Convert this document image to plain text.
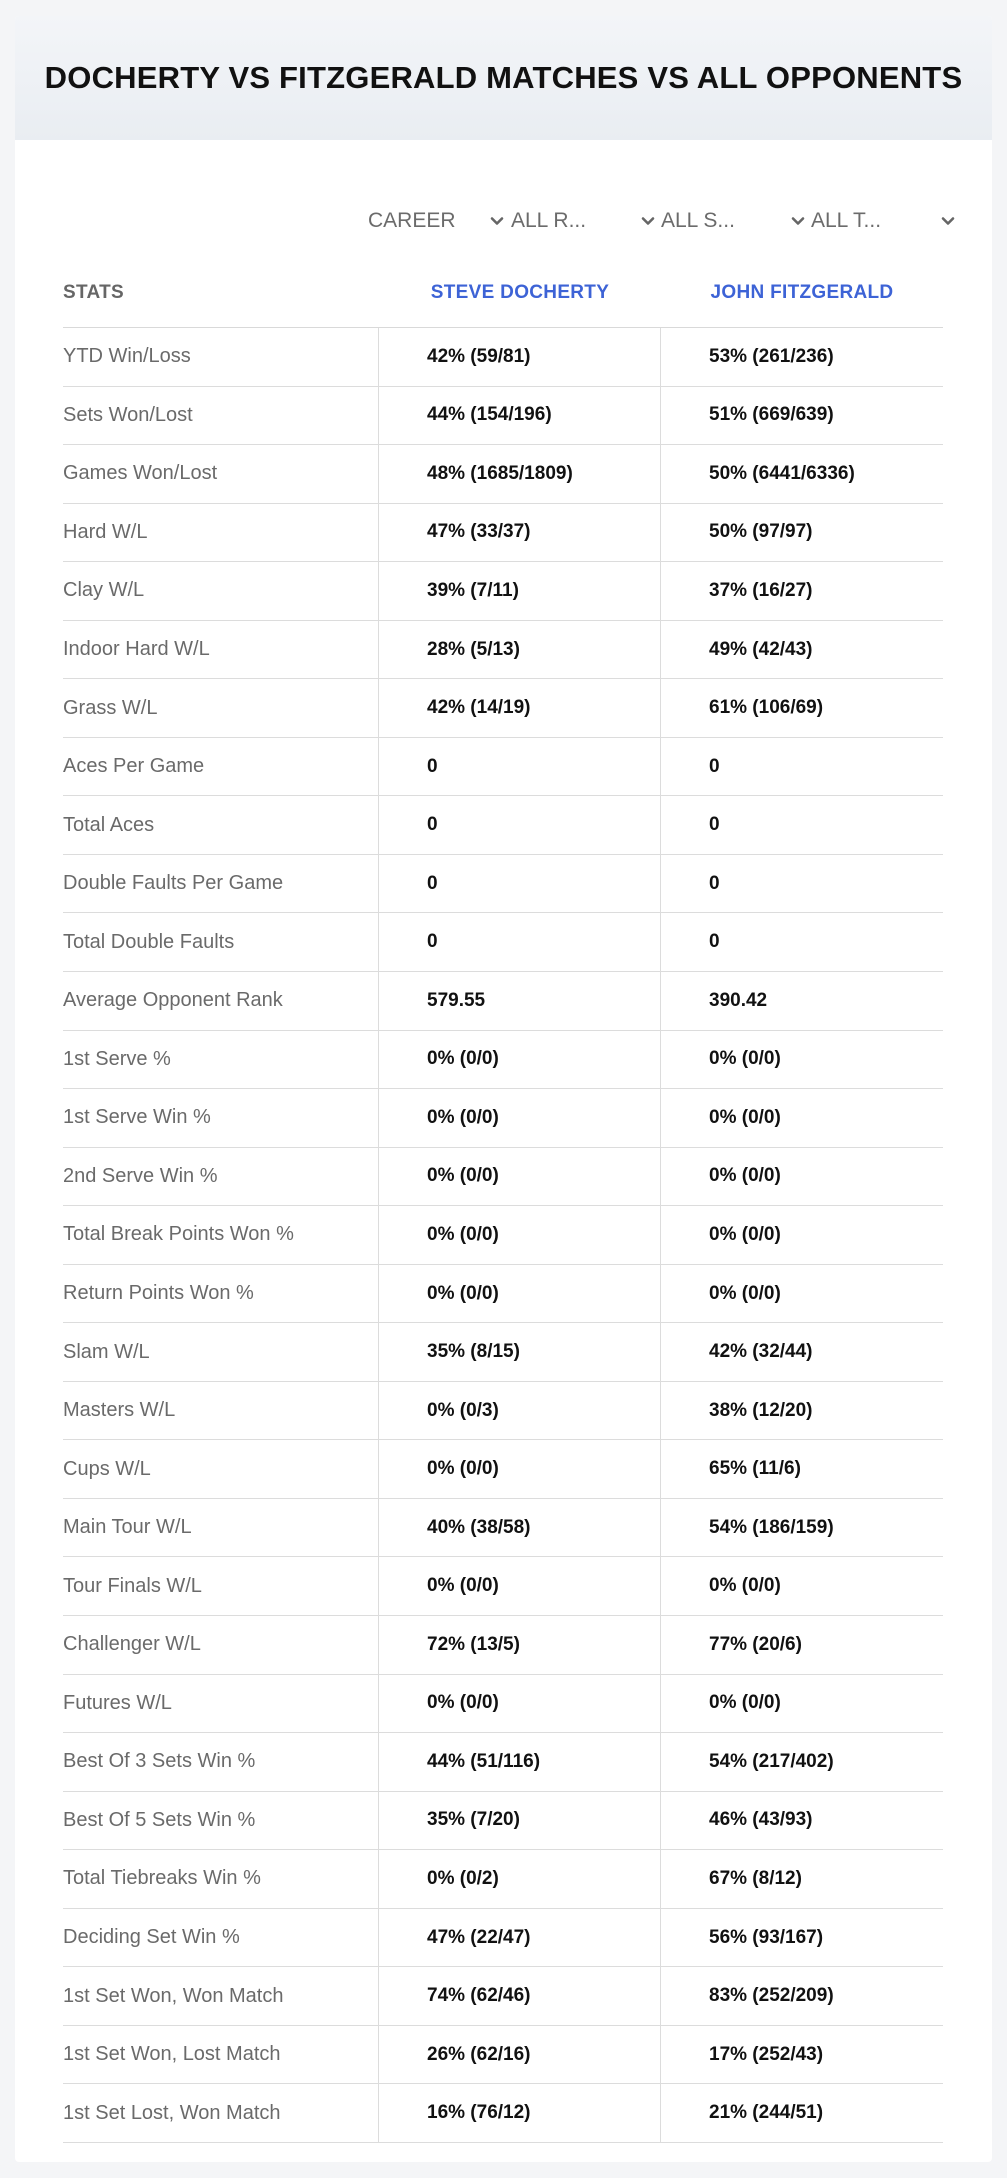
DOCHERTY VS FITZGERALD MATCHES VS ALL OPPONENTS
CAREER	ALL R...	ALL S...	ALL T...
STATS	STEVE DOCHERTY	JOHN FITZGERALD
YTD Win/Loss	42% (59/81)	53% (261/236)
Sets Won/Lost	44% (154/196)	51% (669/639)
Games Won/Lost	48% (1685/1809)	50% (6441/6336)
Hard W/L	47% (33/37)	50% (97/97)
Clay W/L	39% (7/11)	37% (16/27)
Indoor Hard W/L	28% (5/13)	49% (42/43)
Grass W/L	42% (14/19)	61% (106/69)
Aces Per Game	0	0
Total Aces	0	0
Double Faults Per Game	0	0
Total Double Faults	0	0
Average Opponent Rank	579.55	390.42
1st Serve %	0% (0/0)	0% (0/0)
1st Serve Win %	0% (0/0)	0% (0/0)
2nd Serve Win %	0% (0/0)	0% (0/0)
Total Break Points Won %	0% (0/0)	0% (0/0)
Return Points Won %	0% (0/0)	0% (0/0)
Slam W/L	35% (8/15)	42% (32/44)
Masters W/L	0% (0/3)	38% (12/20)
Cups W/L	0% (0/0)	65% (11/6)
Main Tour W/L	40% (38/58)	54% (186/159)
Tour Finals W/L	0% (0/0)	0% (0/0)
Challenger W/L	72% (13/5)	77% (20/6)
Futures W/L	0% (0/0)	0% (0/0)
Best Of 3 Sets Win %	44% (51/116)	54% (217/402)
Best Of 5 Sets Win %	35% (7/20)	46% (43/93)
Total Tiebreaks Win %	0% (0/2)	67% (8/12)
Deciding Set Win %	47% (22/47)	56% (93/167)
1st Set Won, Won Match	74% (62/46)	83% (252/209)
1st Set Won, Lost Match	26% (62/16)	17% (252/43)
1st Set Lost, Won Match	16% (76/12)	21% (244/51)
